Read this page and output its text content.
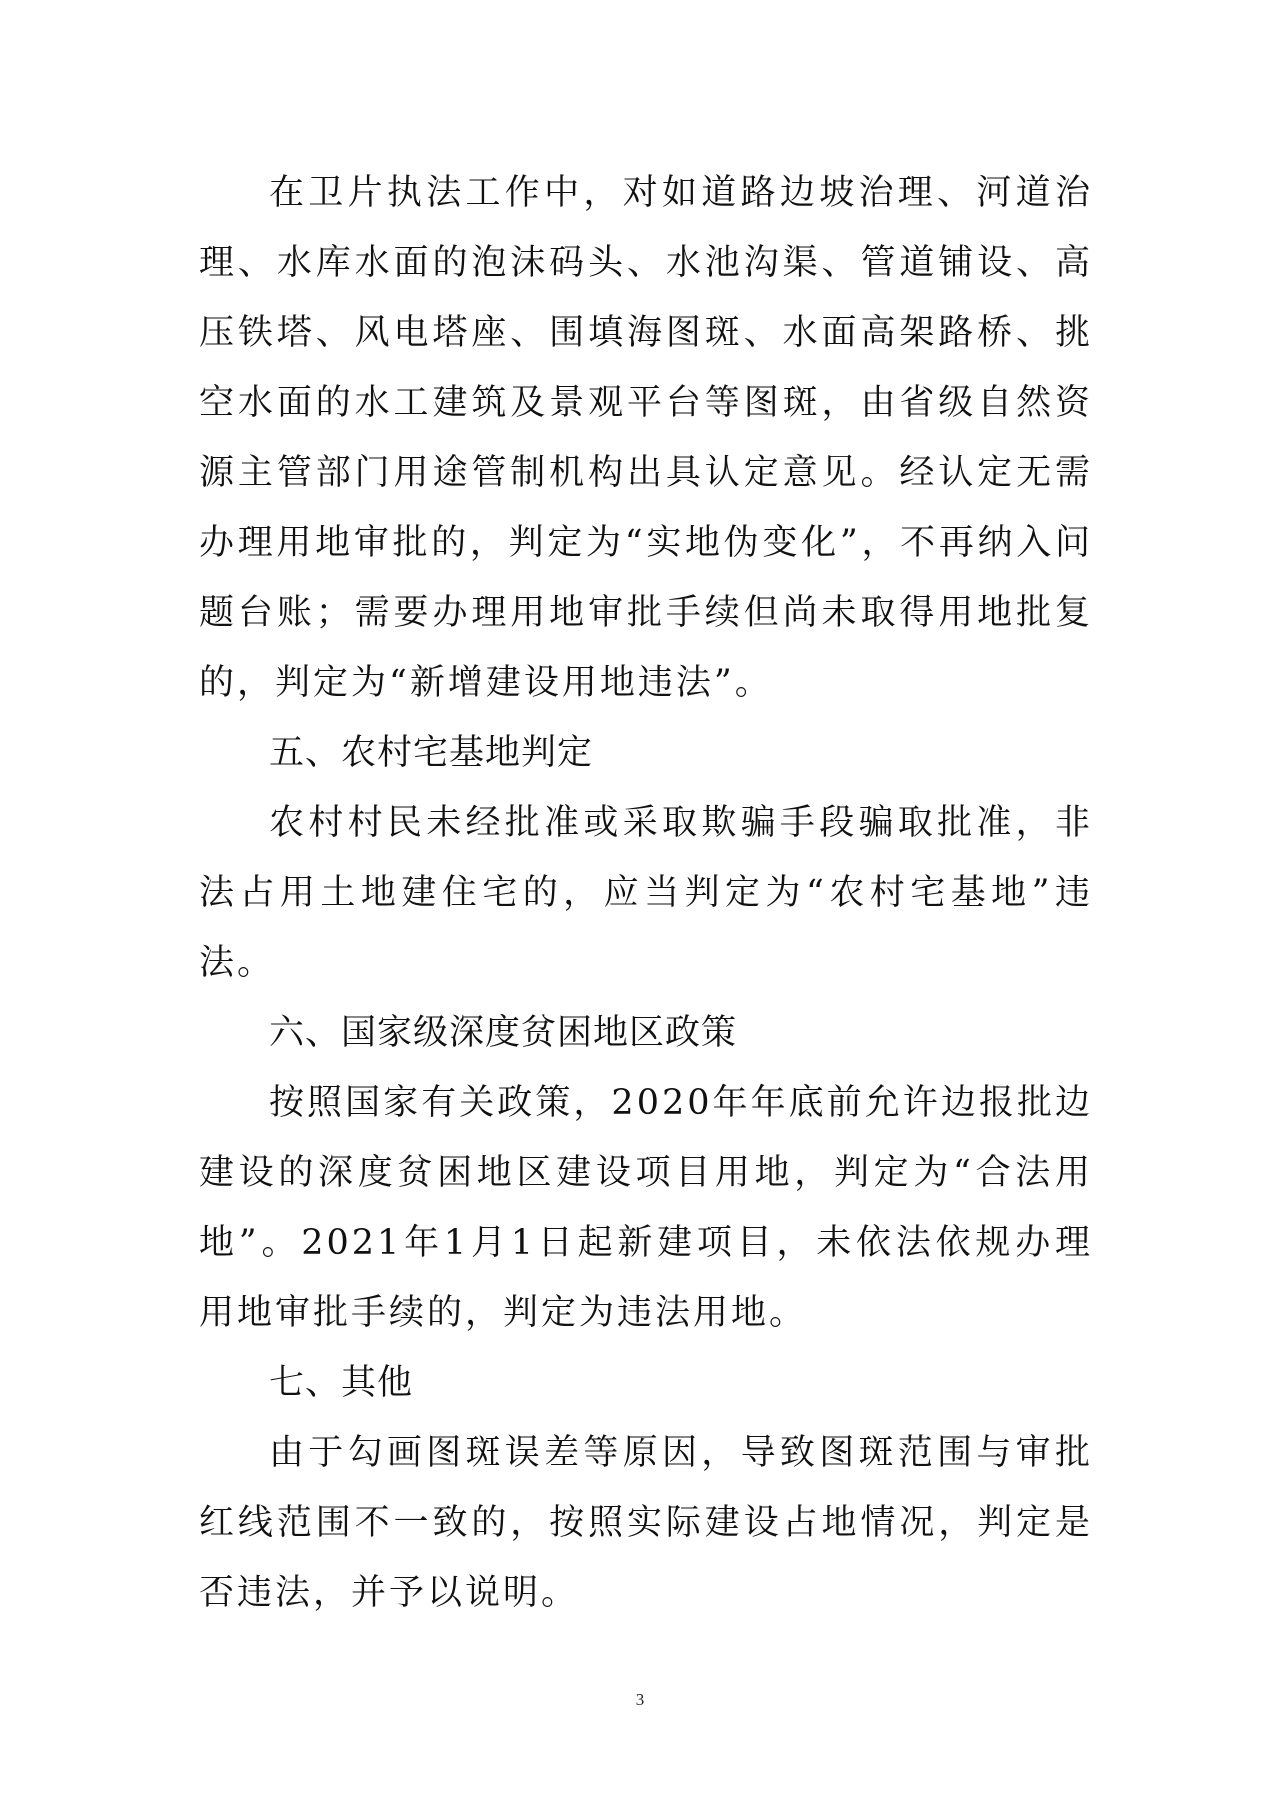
在卫片执法工作中，对如道路边坡治理、河道治理、水库水面的泡沫码头、水池沟渠、管道铺设、高压铁塔、风电塔座、围填海图斑、水面高架路桥、挑空水面的水工建筑及景观平台等图斑，由省级自然资源主管部门用途管制机构出具认定意见。经认定无需办理用地审批的，判定为“实地伪变化”，不再纳入问题台账；需要办理用地审批手续但尚未取得用地批复的，判定为“新增建设用地违法”。

五、农村宅基地判定

农村村民未经批准或采取欺骗手段骗取批准，非法占用土地建住宅的，应当判定为“农村宅基地”违法。

六、国家级深度贫困地区政策

按照国家有关政策，2020年年底前允许边报批边建设的深度贫困地区建设项目用地，判定为“合法用地”。2021年1月1日起新建项目，未依法依规办理用地审批手续的，判定为违法用地。

七、其他

由于勾画图斑误差等原因，导致图斑范围与审批红线范围不一致的，按照实际建设占地情况，判定是否违法，并予以说明。

3
